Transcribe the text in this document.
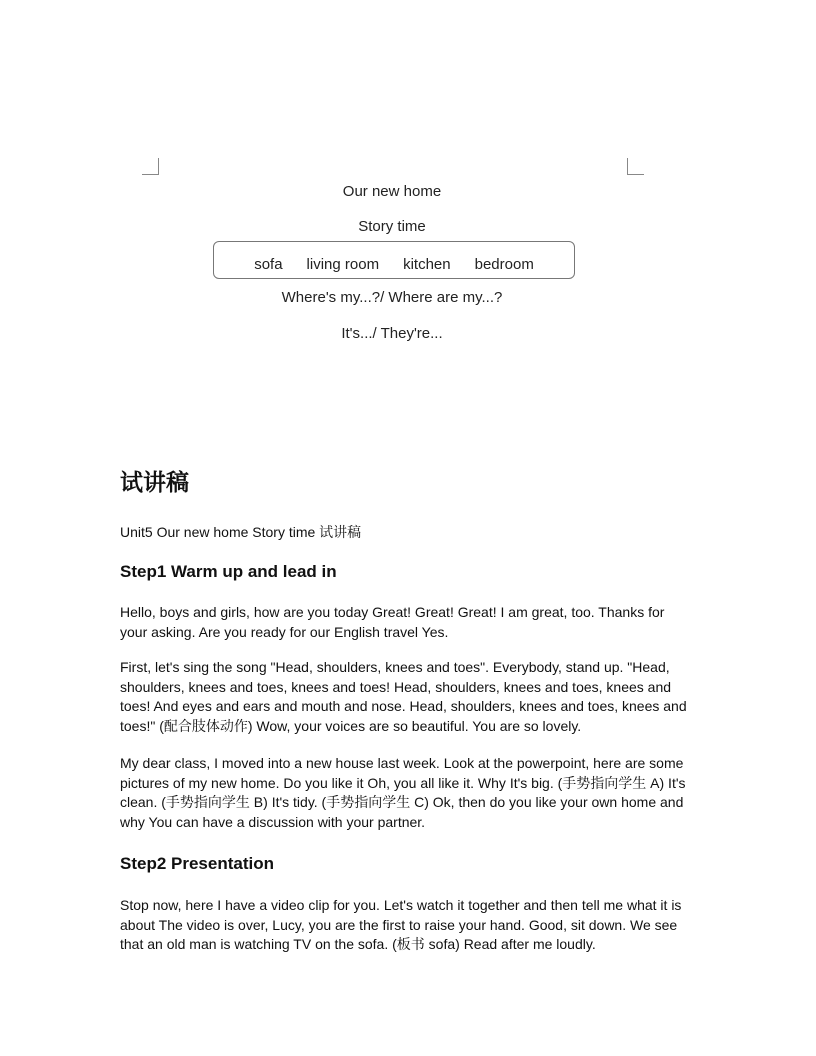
Our new home
Story time
sofa living room kitchen bedroom
Where's my...?/ Where are my...?
It's.../ They're...
试讲稿

Unit5 Our new home Story time 试讲稿

Step1 Warm up and lead in

Hello, boys and girls, how are you today Great! Great! Great! I am great, too. Thanks for your asking. Are you ready for our English travel Yes.

First, let's sing the song "Head, shoulders, knees and toes". Everybody, stand up. "Head, shoulders, knees and toes, knees and toes! Head, shoulders, knees and toes, knees and toes! And eyes and ears and mouth and nose. Head, shoulders, knees and toes, knees and toes!" (配合肢体动作) Wow, your voices are so beautiful. You are so lovely.

My dear class, I moved into a new house last week. Look at the powerpoint, here are some pictures of my new home. Do you like it Oh, you all like it. Why It's big. (手势指向学生 A) It's clean. (手势指向学生 B) It's tidy. (手势指向学生 C) Ok, then do you like your own home and why You can have a discussion with your partner.

Step2 Presentation

Stop now, here I have a video clip for you. Let's watch it together and then tell me what it is about The video is over, Lucy, you are the first to raise your hand. Good, sit down. We see that an old man is watching TV on the sofa. (板书 sofa) Read after me loudly.
